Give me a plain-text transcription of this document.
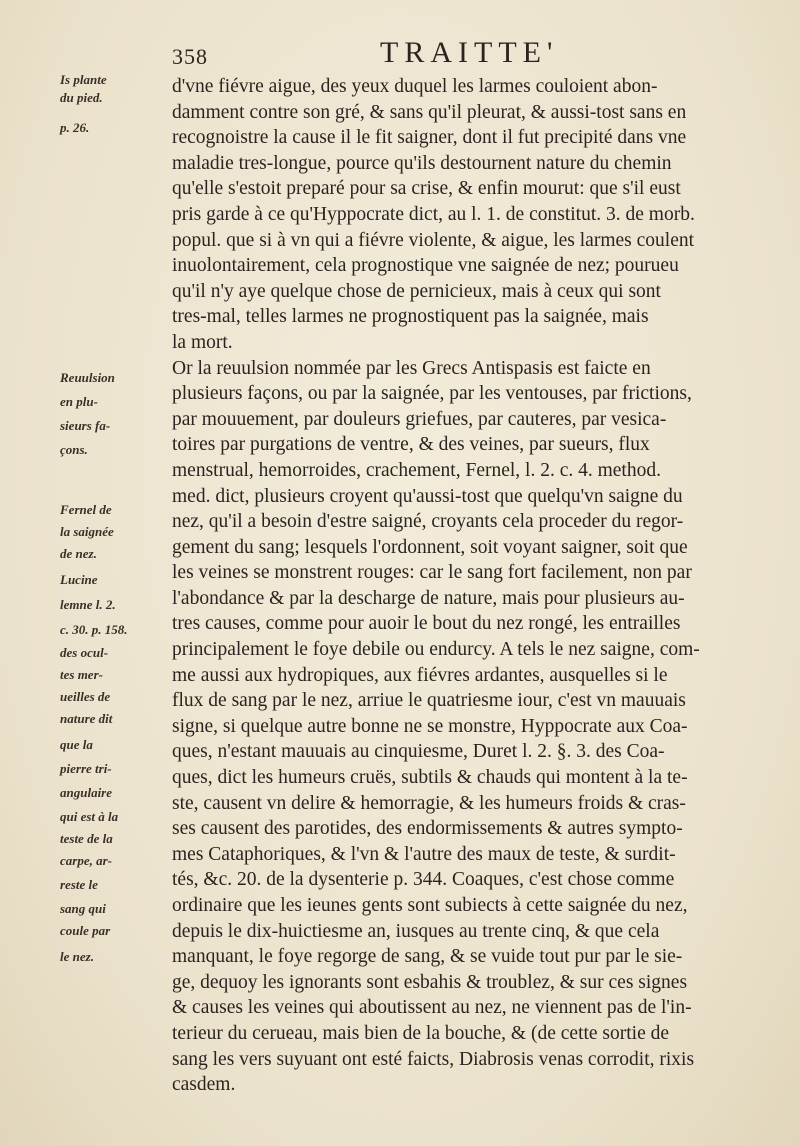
358	TRAITTE'
Is plante
du pied.
p. 26.
Reuulsion
en plu-
sieurs fa-
çons.
Fernel de
la saignée
de nez.
Lucine
lemne l. 2.
c. 30. p. 158.
des ocul-
tes mer-
ueilles de
nature dit
que la
pierre tri-
angulaire
qui est à la
teste de la
carpe, ar-
reste le
sang qui
coule par
le nez.
d'vne fiévre aigue, des yeux duquel les larmes couloient abon-
damment contre son gré, & sans qu'il pleurat, & aussi-tost sans en
recognoistre la cause il le fit saigner, dont il fut precipité dans vne
maladie tres-longue, pource qu'ils destournent nature du chemin
qu'elle s'estoit preparé pour sa crise, & enfin mourut: que s'il eust
pris garde à ce qu'Hyppocrate dict, au l. 1. de constitut. 3. de morb.
popul. que si à vn qui a fiévre violente, & aigue, les larmes coulent
inuolontairement, cela prognostique vne saignée de nez; pourueu
qu'il n'y aye quelque chose de pernicieux, mais à ceux qui sont
tres-mal, telles larmes ne prognostiquent pas la saignée, mais
la mort.
Or la reuulsion nommée par les Grecs Antispasis est faicte en
plusieurs façons, ou par la saignée, par les ventouses, par frictions,
par mouuement, par douleurs griefues, par cauteres, par vesica-
toires par purgations de ventre, & des veines, par sueurs, flux
menstrual, hemorroides, crachement, Fernel, l. 2. c. 4. method.
med. dict, plusieurs croyent qu'aussi-tost que quelqu'vn saigne du
nez, qu'il a besoin d'estre saigné, croyants cela proceder du regor-
gement du sang; lesquels l'ordonnent, soit voyant saigner, soit que
les veines se monstrent rouges: car le sang fort facilement, non par
l'abondance & par la descharge de nature, mais pour plusieurs au-
tres causes, comme pour auoir le bout du nez rongé, les entrailles
principalement le foye debile ou endurcy. A tels le nez saigne, com-
me aussi aux hydropiques, aux fiévres ardantes, ausquelles si le
flux de sang par le nez, arriue le quatriesme iour, c'est vn mauuais
signe, si quelque autre bonne ne se monstre, Hyppocrate aux Coa-
ques, n'estant mauuais au cinquiesme, Duret l. 2. §. 3. des Coa-
ques, dict les humeurs cruës, subtils & chauds qui montent à la te-
ste, causent vn delire & hemorragie, & les humeurs froids & cras-
ses causent des parotides, des endormissements & autres sympto-
mes Cataphoriques, & l'vn & l'autre des maux de teste, & surdit-
tés, &c. 20. de la dysenterie p. 344. Coaques, c'est chose comme
ordinaire que les ieunes gents sont subiects à cette saignée du nez,
depuis le dix-huictiesme an, iusques au trente cinq, & que cela
manquant, le foye regorge de sang, & se vuide tout pur par le sie-
ge, dequoy les ignorants sont esbahis & troublez, & sur ces signes
& causes les veines qui aboutissent au nez, ne viennent pas de l'in-
terieur du cerueau, mais bien de la bouche, & (de cette sortie de
sang les vers suyuant ont esté faicts, Diabrosis venas corrodit, rixis
casdem.
